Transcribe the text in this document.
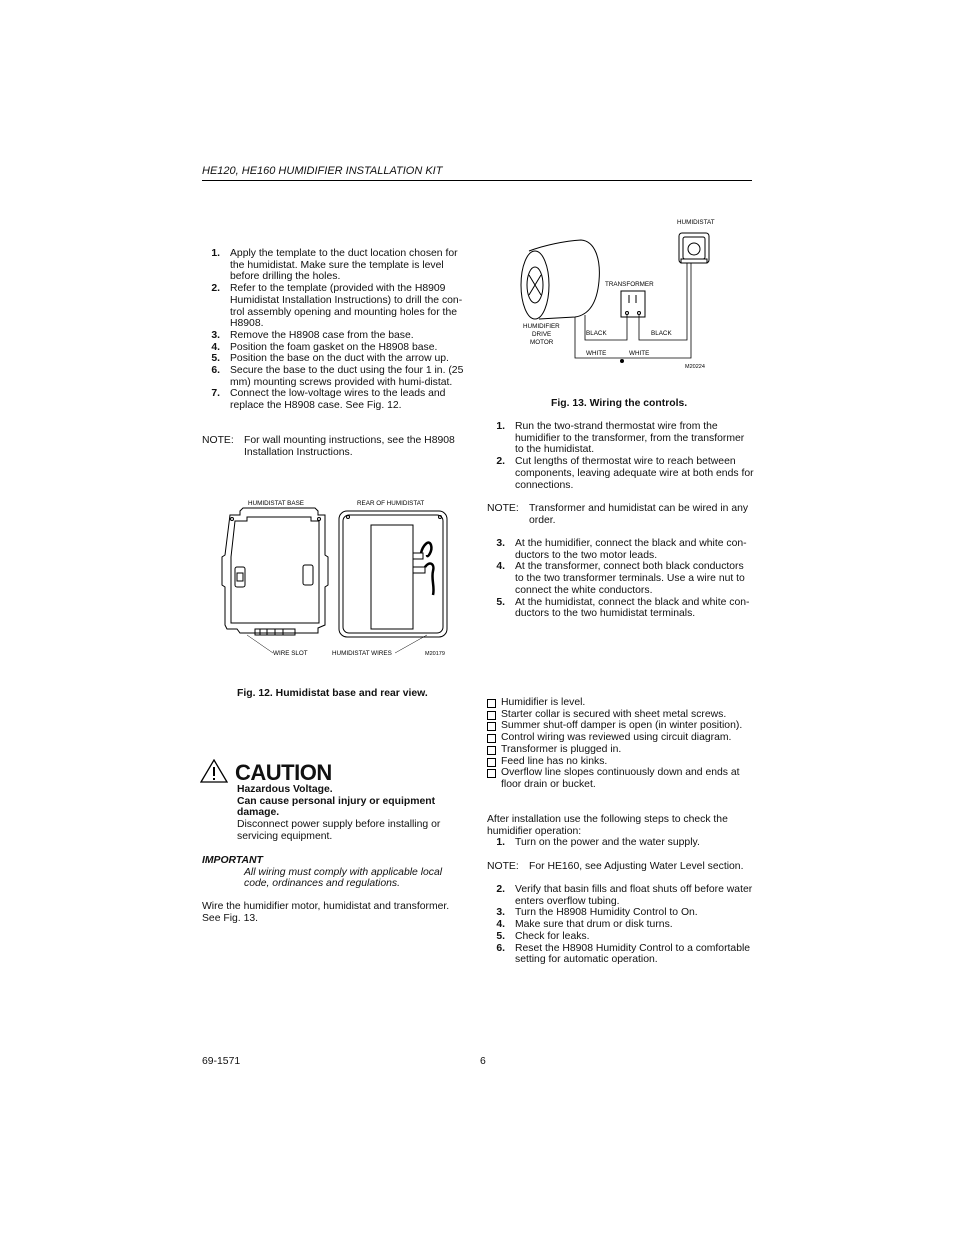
HE120, HE160 HUMIDIFIER INSTALLATION KIT
1. Apply the template to the duct location chosen for the humidistat. Make sure the template is level before drilling the holes.
2. Refer to the template (provided with the H8909 Humidistat Installation Instructions) to drill the con-trol assembly opening and mounting holes for the H8908.
3. Remove the H8908 case from the base.
4. Position the foam gasket on the H8908 base.
5. Position the base on the duct with the arrow up.
6. Secure the base to the duct using the four 1 in. (25 mm) mounting screws provided with humi-distat.
7. Connect the low-voltage wires to the leads and replace the H8908 case. See Fig. 12.
NOTE: For wall mounting instructions, see the H8908 Installation Instructions.
HUMIDISTAT BASE	REAR OF HUMIDISTAT
WIRE SLOT	HUMIDISTAT WIRES	M20179
Fig. 12. Humidistat base and rear view.
CAUTION
Hazardous Voltage.
Can cause personal injury or equipment damage.
Disconnect power supply before installing or servicing equipment.
IMPORTANT
All wiring must comply with applicable local code, ordinances and regulations.
Wire the humidifier motor, humidistat and transformer. See Fig. 13.
HUMIDISTAT
TRANSFORMER
HUMIDIFIER
DRIVE
MOTOR
BLACK	BLACK
WHITE	WHITE
M20224
Fig. 13. Wiring the controls.
1. Run the two-strand thermostat wire from the humidifier to the transformer, from the transformer to the humidistat.
2. Cut lengths of thermostat wire to reach between components, leaving adequate wire at both ends for connections.
NOTE: Transformer and humidistat can be wired in any order.
3. At the humidifier, connect the black and white con-ductors to the two motor leads.
4. At the transformer, connect both black conductors to the two transformer terminals. Use a wire nut to connect the white conductors.
5. At the humidistat, connect the black and white con-ductors to the two humidistat terminals.
Humidifier is level.
Starter collar is secured with sheet metal screws.
Summer shut-off damper is open (in winter position).
Control wiring was reviewed using circuit diagram.
Transformer is plugged in.
Feed line has no kinks.
Overflow line slopes continuously down and ends at floor drain or bucket.
After installation use the following steps to check the humidifier operation:
1. Turn on the power and the water supply.
NOTE: For HE160, see Adjusting Water Level section.
2. Verify that basin fills and float shuts off before water enters overflow tubing.
3. Turn the H8908 Humidity Control to On.
4. Make sure that drum or disk turns.
5. Check for leaks.
6. Reset the H8908 Humidity Control to a comfortable setting for automatic operation.
69-1571	6
